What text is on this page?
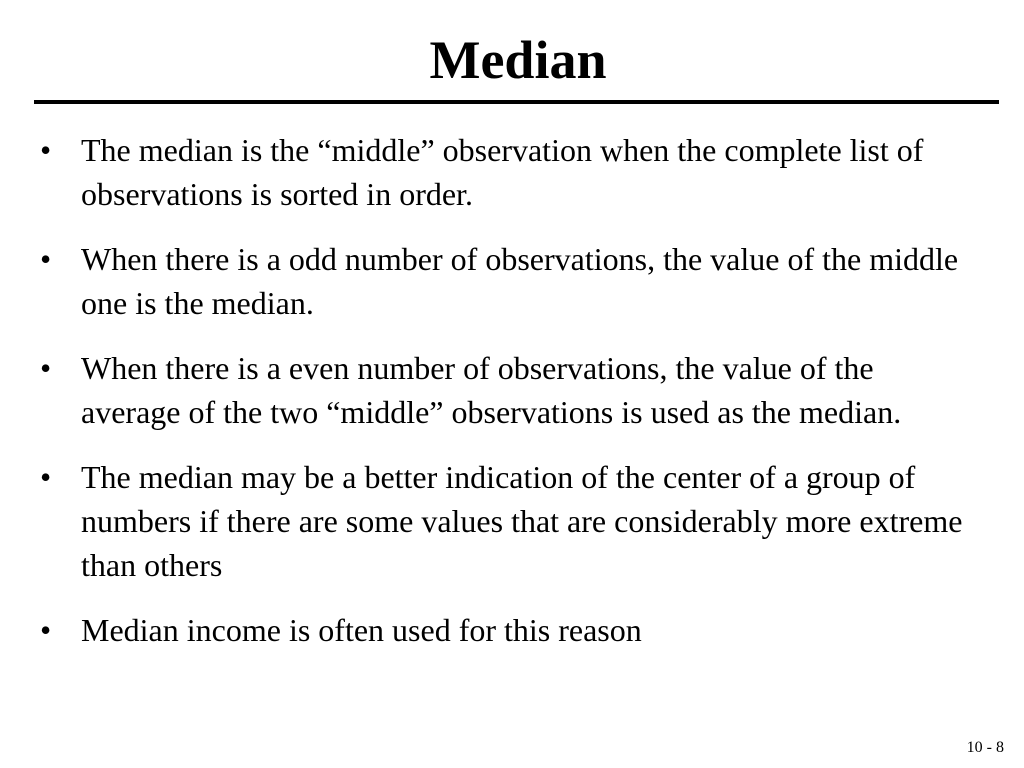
Median
• The median is the “middle” observation when the complete list of observations is sorted in order.
• When there is a odd number of observations, the value of the middle one is the median.
• When there is a even number of observations, the value of the average of the two “middle” observations is used as the median.
• The median may be a better indication of the center of a group of numbers if there are some values that are considerably more extreme than others
• Median income is often used for this reason
10 - 8
